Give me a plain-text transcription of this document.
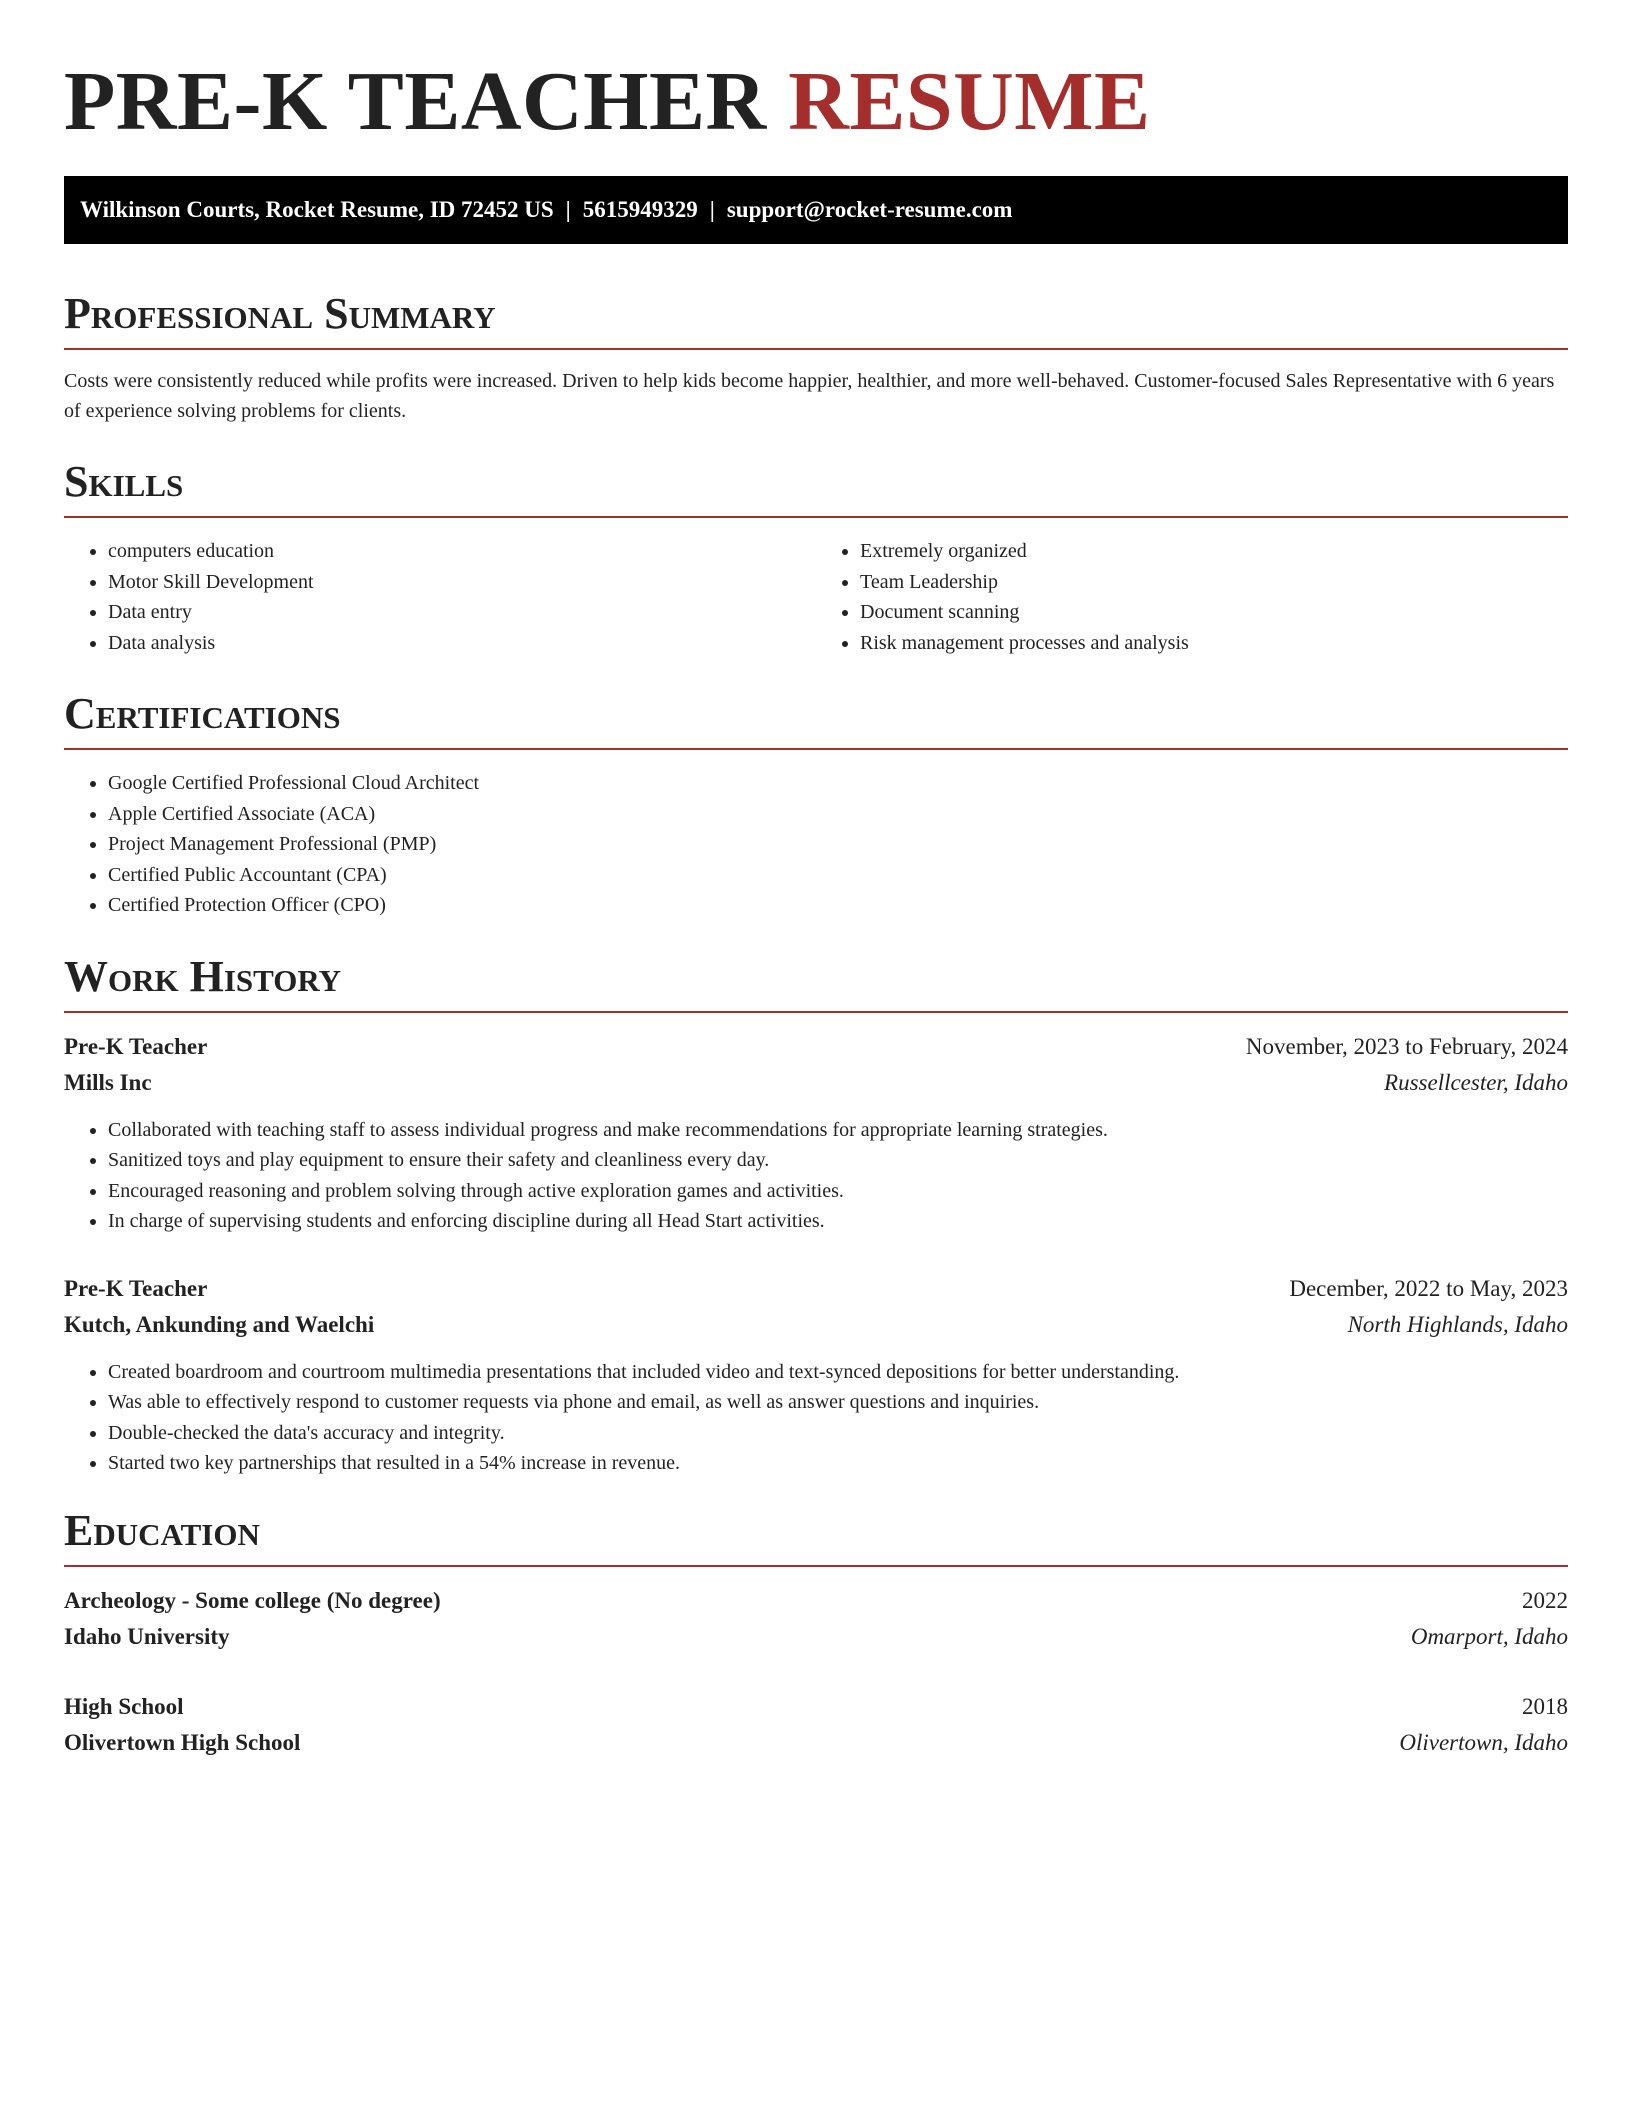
PRE-K TEACHER RESUME
Wilkinson Courts, Rocket Resume, ID 72452 US | 5615949329 | support@rocket-resume.com
Professional Summary

Costs were consistently reduced while profits were increased. Driven to help kids become happier, healthier, and more well-behaved. Customer-focused Sales Representative with 6 years of experience solving problems for clients.

Skills
• computers education
• Motor Skill Development
• Data entry
• Data analysis
• Extremely organized
• Team Leadership
• Document scanning
• Risk management processes and analysis
Certifications
• Google Certified Professional Cloud Architect
• Apple Certified Associate (ACA)
• Project Management Professional (PMP)
• Certified Public Accountant (CPA)
• Certified Protection Officer (CPO)
Work History
Pre-K Teacher	November, 2023 to February, 2024
Mills Inc	Russellcester, Idaho
• Collaborated with teaching staff to assess individual progress and make recommendations for appropriate learning strategies.
• Sanitized toys and play equipment to ensure their safety and cleanliness every day.
• Encouraged reasoning and problem solving through active exploration games and activities.
• In charge of supervising students and enforcing discipline during all Head Start activities.
Pre-K Teacher	December, 2022 to May, 2023
Kutch, Ankunding and Waelchi	North Highlands, Idaho
• Created boardroom and courtroom multimedia presentations that included video and text-synced depositions for better understanding.
• Was able to effectively respond to customer requests via phone and email, as well as answer questions and inquiries.
• Double-checked the data's accuracy and integrity.
• Started two key partnerships that resulted in a 54% increase in revenue.
Education
Archeology - Some college (No degree)	2022
Idaho University	Omarport, Idaho
High School	2018
Olivertown High School	Olivertown, Idaho
